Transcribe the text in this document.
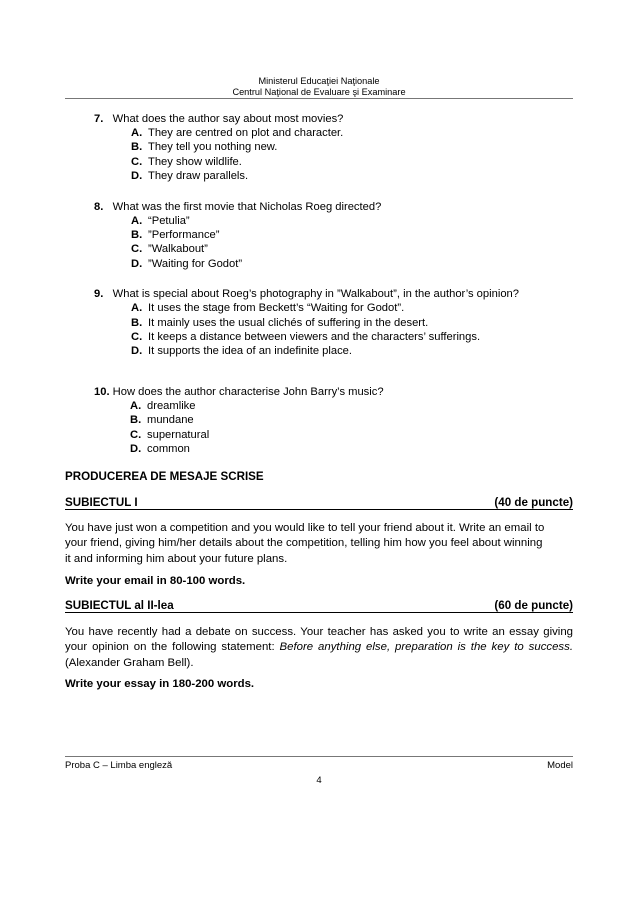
Ministerul Educaţiei Naţionale
Centrul Naţional de Evaluare şi Examinare
7. What does the author say about most movies?
A. They are centred on plot and character.
B. They tell you nothing new.
C. They show wildlife.
D. They draw parallels.
8. What was the first movie that Nicholas Roeg directed?
A. “Petulia”
B. ”Performance”
C. ”Walkabout”
D. ”Waiting for Godot”
9. What is special about Roeg’s photography in ”Walkabout”, in the author’s opinion?
A. It uses the stage from Beckett’s “Waiting for Godot”.
B. It mainly uses the usual clichés of suffering in the desert.
C. It keeps a distance between viewers and the characters’ sufferings.
D. It supports the idea of an indefinite place.
10. How does the author characterise John Barry’s music?
A. dreamlike
B. mundane
C. supernatural
D. common
PRODUCEREA DE MESAJE SCRISE
SUBIECTUL I	(40 de puncte)
You have just won a competition and you would like to tell your friend about it. Write an email to
your friend, giving him/her details about the competition, telling him how you feel about winning
it and informing him about your future plans.
Write your email in 80-100 words.
SUBIECTUL al II-lea	(60 de puncte)
You have recently had a debate on success. Your teacher has asked you to write an essay giving your opinion on the following statement: Before anything else, preparation is the key to success. (Alexander Graham Bell).
Write your essay in 180-200 words.
Proba C – Limba engleză	Model
4
